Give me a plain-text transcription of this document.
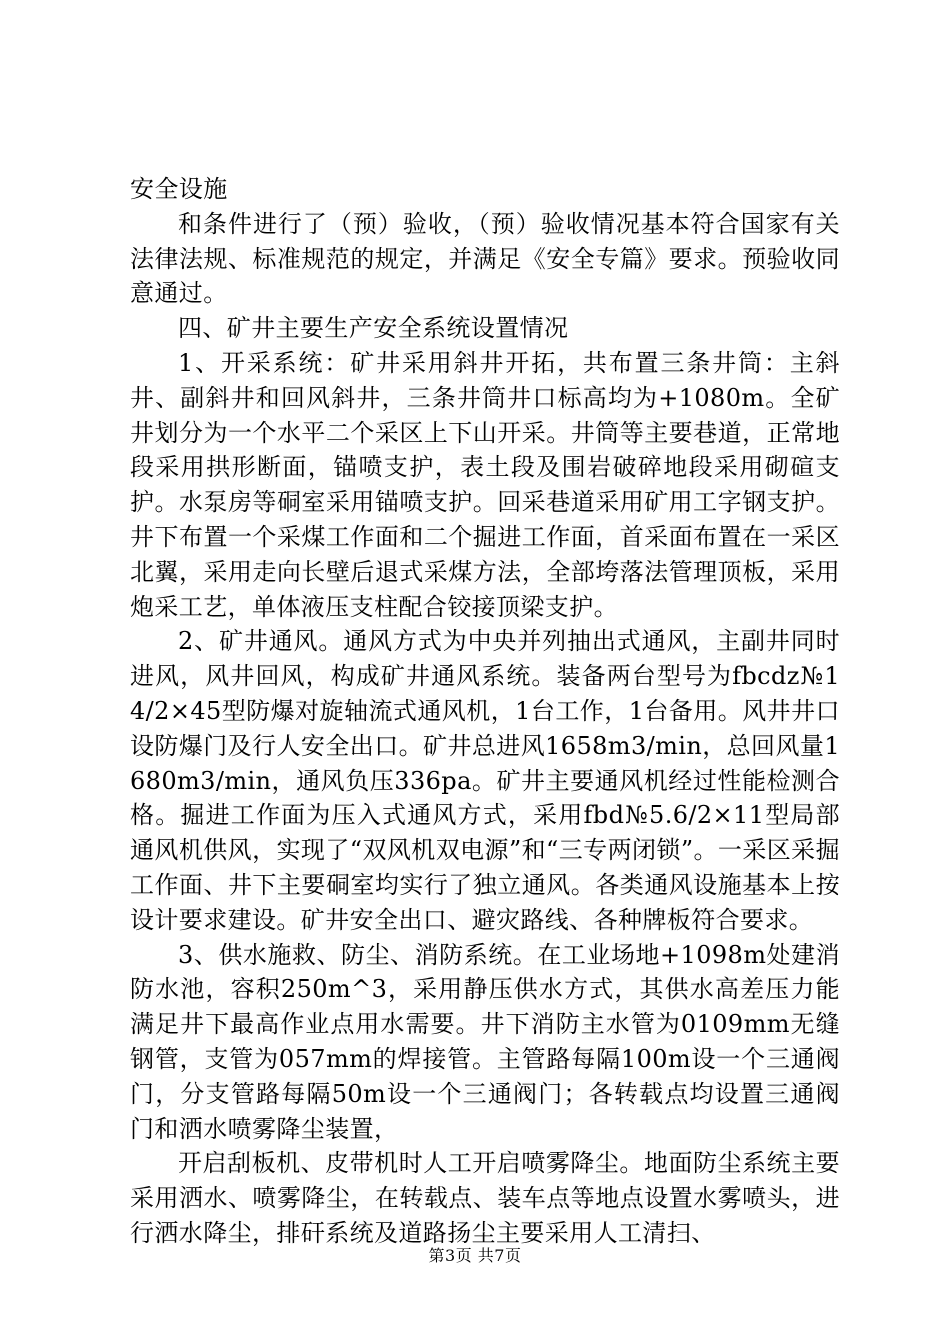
安全设施

和条件进行了（预）验收，（预）验收情况基本符合国家有关法律法规、标准规范的规定，并满足《安全专篇》要求。预验收同意通过。

四、矿井主要生产安全系统设置情况

1、开采系统：矿井采用斜井开拓，共布置三条井筒：主斜井、副斜井和回风斜井，三条井筒井口标高均为+1080m。全矿井划分为一个水平二个采区上下山开采。井筒等主要巷道，正常地段采用拱形断面，锚喷支护，表土段及围岩破碎地段采用砌碹支护。水泵房等硐室采用锚喷支护。回采巷道采用矿用工字钢支护。井下布置一个采煤工作面和二个掘进工作面，首采面布置在一采区北翼，采用走向长壁后退式采煤方法，全部垮落法管理顶板，采用炮采工艺，单体液压支柱配合铰接顶梁支护。

2、矿井通风。通风方式为中央并列抽出式通风，主副井同时进风，风井回风，构成矿井通风系统。装备两台型号为fbcdz№14/2×45型防爆对旋轴流式通风机，1台工作，1台备用。风井井口设防爆门及行人安全出口。矿井总进风1658m3/min，总回风量1680m3/min，通风负压336pa。矿井主要通风机经过性能检测合格。掘进工作面为压入式通风方式，采用fbd№5.6/2×11型局部通风机供风，实现了“双风机双电源”和“三专两闭锁”。一采区采掘工作面、井下主要硐室均实行了独立通风。各类通风设施基本上按设计要求建设。矿井安全出口、避灾路线、各种牌板符合要求。

3、供水施救、防尘、消防系统。在工业场地+1098m处建消防水池，容积250m^3，采用静压供水方式，其供水高差压力能满足井下最高作业点用水需要。井下消防主水管为0109mm无缝钢管，支管为057mm的焊接管。主管路每隔100m设一个三通阀门，分支管路每隔50m设一个三通阀门；各转载点均设置三通阀门和洒水喷雾降尘装置，

开启刮板机、皮带机时人工开启喷雾降尘。地面防尘系统主要采用洒水、喷雾降尘，在转载点、装车点等地点设置水雾喷头，进行洒水降尘，排矸系统及道路扬尘主要采用人工清扫、

第3页 共7页
